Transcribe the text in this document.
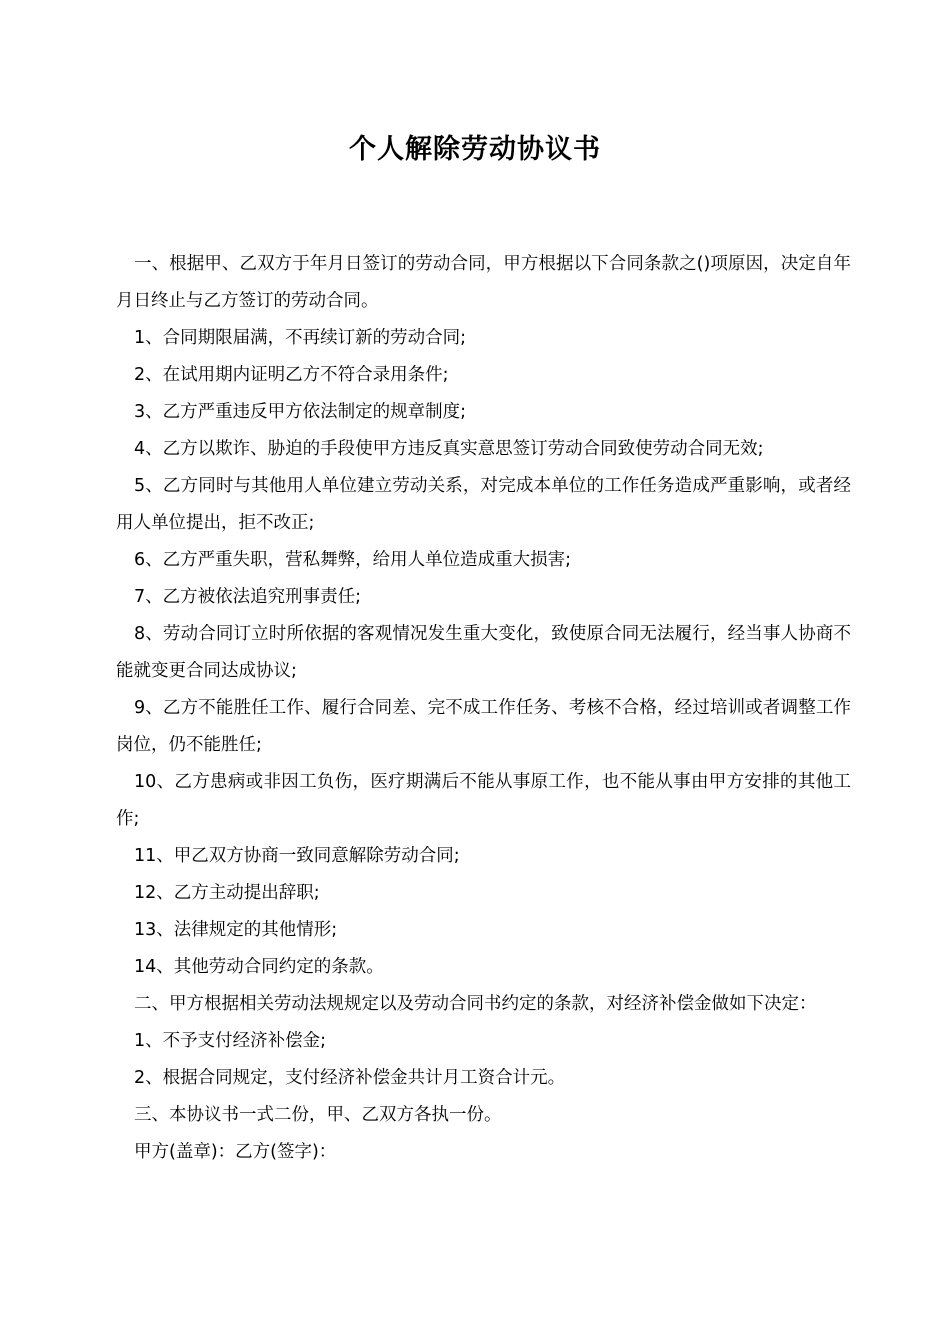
个人解除劳动协议书

一、根据甲、乙双方于年月日签订的劳动合同，甲方根据以下合同条款之()项原因，决定自年月日终止与乙方签订的劳动合同。

1、合同期限届满，不再续订新的劳动合同;

2、在试用期内证明乙方不符合录用条件;

3、乙方严重违反甲方依法制定的规章制度;

4、乙方以欺诈、胁迫的手段使甲方违反真实意思签订劳动合同致使劳动合同无效;

5、乙方同时与其他用人单位建立劳动关系，对完成本单位的工作任务造成严重影响，或者经用人单位提出，拒不改正;

6、乙方严重失职，营私舞弊，给用人单位造成重大损害;

7、乙方被依法追究刑事责任;

8、劳动合同订立时所依据的客观情况发生重大变化，致使原合同无法履行，经当事人协商不能就变更合同达成协议;

9、乙方不能胜任工作、履行合同差、完不成工作任务、考核不合格，经过培训或者调整工作岗位，仍不能胜任;

10、乙方患病或非因工负伤，医疗期满后不能从事原工作，也不能从事由甲方安排的其他工作;

11、甲乙双方协商一致同意解除劳动合同;

12、乙方主动提出辞职;

13、法律规定的其他情形;

14、其他劳动合同约定的条款。

二、甲方根据相关劳动法规规定以及劳动合同书约定的条款，对经济补偿金做如下决定：

1、不予支付经济补偿金;

2、根据合同规定，支付经济补偿金共计月工资合计元。

三、本协议书一式二份，甲、乙双方各执一份。

甲方(盖章)：乙方(签字)：
